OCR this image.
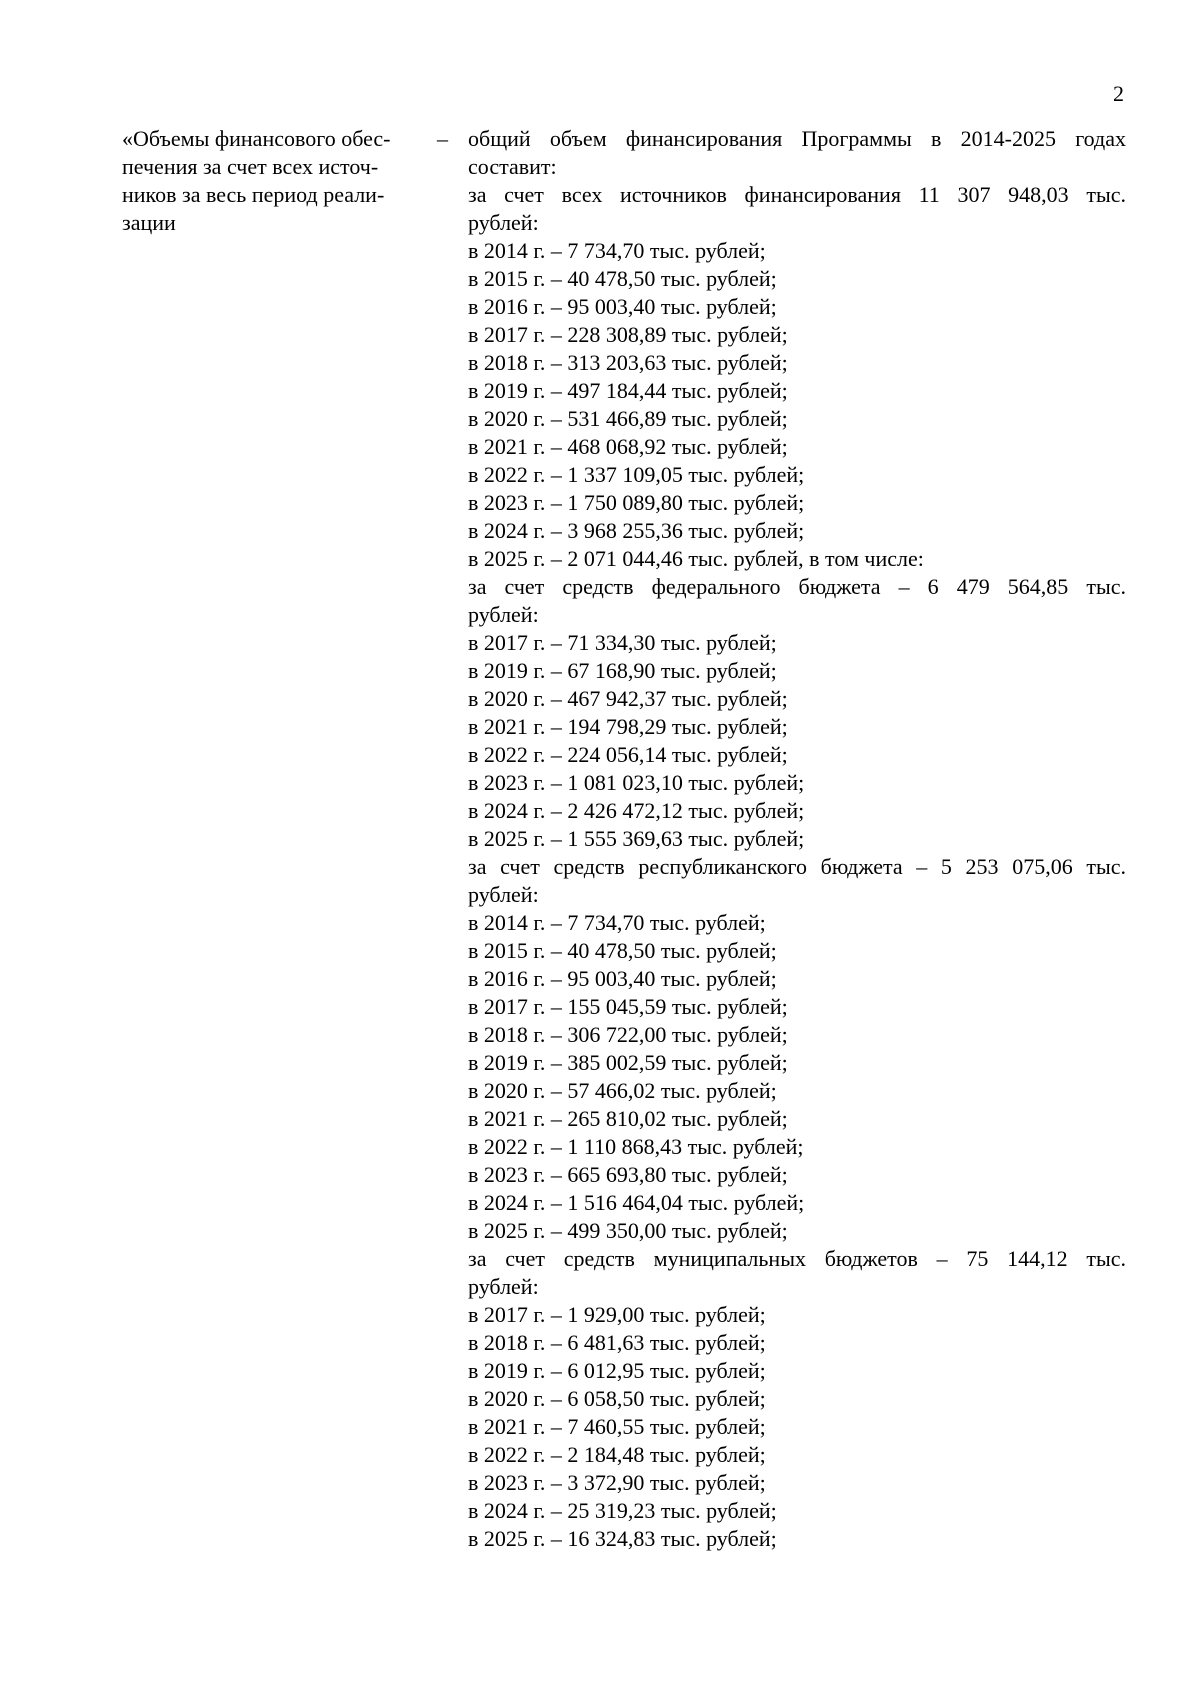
2
«Объемы финансового обес-
печения за счет всех источ-
ников за весь период реали-
зации
– общий объем финансирования Программы в 2014-2025 годах
составит:
за счет всех источников финансирования 11 307 948,03 тыс.
рублей:
в 2014 г. – 7 734,70 тыс. рублей;
в 2015 г. – 40 478,50 тыс. рублей;
в 2016 г. – 95 003,40 тыс. рублей;
в 2017 г. – 228 308,89 тыс. рублей;
в 2018 г. – 313 203,63 тыс. рублей;
в 2019 г. – 497 184,44 тыс. рублей;
в 2020 г. – 531 466,89 тыс. рублей;
в 2021 г. – 468 068,92 тыс. рублей;
в 2022 г. – 1 337 109,05 тыс. рублей;
в 2023 г. – 1 750 089,80 тыс. рублей;
в 2024 г. – 3 968 255,36 тыс. рублей;
в 2025 г. – 2 071 044,46 тыс. рублей, в том числе:
за счет средств федерального бюджета – 6 479 564,85 тыс.
рублей:
в 2017 г. – 71 334,30 тыс. рублей;
в 2019 г. – 67 168,90 тыс. рублей;
в 2020 г. – 467 942,37 тыс. рублей;
в 2021 г. – 194 798,29 тыс. рублей;
в 2022 г. – 224 056,14 тыс. рублей;
в 2023 г. – 1 081 023,10 тыс. рублей;
в 2024 г. – 2 426 472,12 тыс. рублей;
в 2025 г. – 1 555 369,63 тыс. рублей;
за счет средств республиканского бюджета – 5 253 075,06 тыс.
рублей:
в 2014 г. – 7 734,70 тыс. рублей;
в 2015 г. – 40 478,50 тыс. рублей;
в 2016 г. – 95 003,40 тыс. рублей;
в 2017 г. – 155 045,59 тыс. рублей;
в 2018 г. – 306 722,00 тыс. рублей;
в 2019 г. – 385 002,59 тыс. рублей;
в 2020 г. – 57 466,02 тыс. рублей;
в 2021 г. – 265 810,02 тыс. рублей;
в 2022 г. – 1 110 868,43 тыс. рублей;
в 2023 г. – 665 693,80 тыс. рублей;
в 2024 г. – 1 516 464,04 тыс. рублей;
в 2025 г. – 499 350,00 тыс. рублей;
за счет средств муниципальных бюджетов – 75 144,12 тыс.
рублей:
в 2017 г. – 1 929,00 тыс. рублей;
в 2018 г. – 6 481,63 тыс. рублей;
в 2019 г. – 6 012,95 тыс. рублей;
в 2020 г. – 6 058,50 тыс. рублей;
в 2021 г. – 7 460,55 тыс. рублей;
в 2022 г. – 2 184,48 тыс. рублей;
в 2023 г. – 3 372,90 тыс. рублей;
в 2024 г. – 25 319,23 тыс. рублей;
в 2025 г. – 16 324,83 тыс. рублей;
